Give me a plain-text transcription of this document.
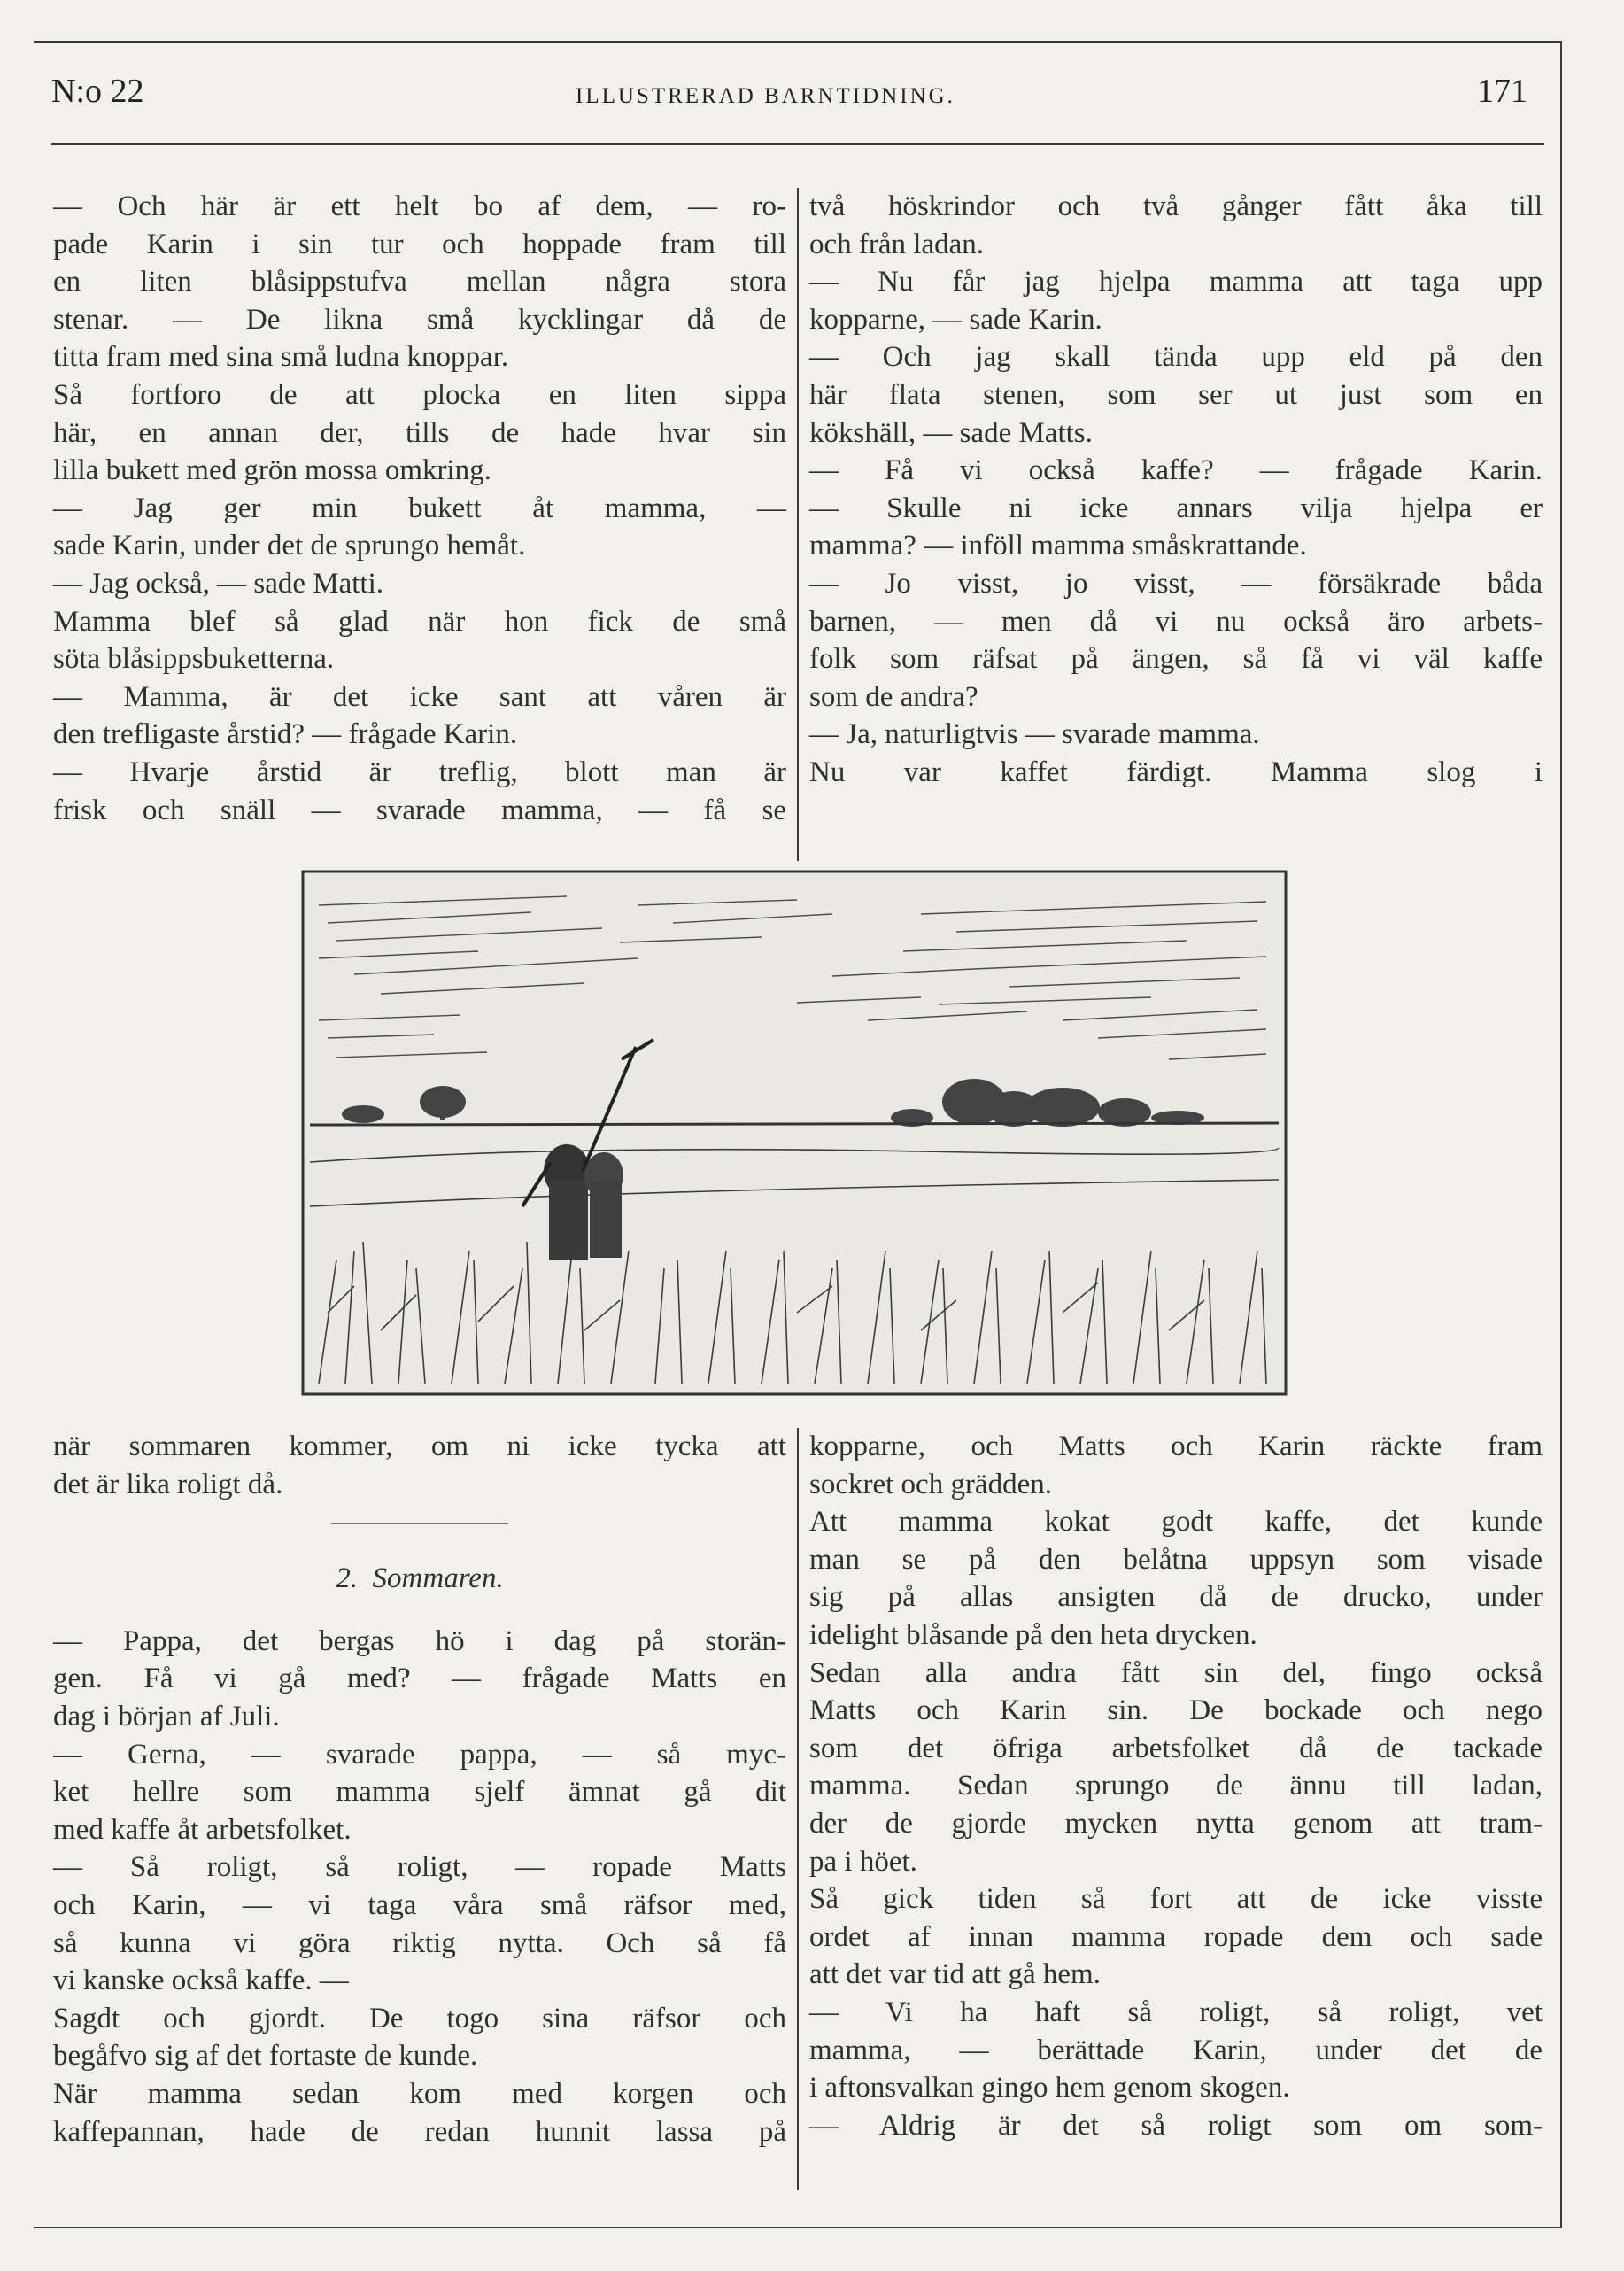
N:o 22	ILLUSTRERAD BARNTIDNING.	171

— Och här är ett helt bo af dem, — ro-

pade Karin i sin tur och hoppade fram till

en liten blåsippstufva mellan några stora

stenar. — De likna små kycklingar då de

titta fram med sina små ludna knoppar.

Så fortforo de att plocka en liten sippa

här, en annan der, tills de hade hvar sin

lilla bukett med grön mossa omkring.

— Jag ger min bukett åt mamma, —

sade Karin, under det de sprungo hemåt.

— Jag också, — sade Matti.

Mamma blef så glad när hon fick de små

söta blåsippsbuketterna.

— Mamma, är det icke sant att våren är

den trefligaste årstid? — frågade Karin.

— Hvarje årstid är treflig, blott man är

frisk och snäll — svarade mamma, — få se

två höskrindor och två gånger fått åka till

och från ladan.

— Nu får jag hjelpa mamma att taga upp

kopparne, — sade Karin.

— Och jag skall tända upp eld på den

här flata stenen, som ser ut just som en

kökshäll, — sade Matts.

— Få vi också kaffe? — frågade Karin.

— Skulle ni icke annars vilja hjelpa er

mamma? — inföll mamma småskrattande.

— Jo visst, jo visst, — försäkrade båda

barnen, — men då vi nu också äro arbets-

folk som räfsat på ängen, så få vi väl kaffe

som de andra?

— Ja, naturligtvis — svarade mamma.

Nu var kaffet färdigt. Mamma slog i

när sommaren kommer, om ni icke tycka att

det är lika roligt då.

2. Sommaren.

— Pappa, det bergas hö i dag på storän-

gen. Få vi gå med? — frågade Matts en

dag i början af Juli.

— Gerna, — svarade pappa, — så myc-

ket hellre som mamma sjelf ämnat gå dit

med kaffe åt arbetsfolket.

— Så roligt, så roligt, — ropade Matts

och Karin, — vi taga våra små räfsor med,

så kunna vi göra riktig nytta. Och så få

vi kanske också kaffe. —

Sagdt och gjordt. De togo sina räfsor och

begåfvo sig af det fortaste de kunde.

När mamma sedan kom med korgen och

kaffepannan, hade de redan hunnit lassa på

kopparne, och Matts och Karin räckte fram

sockret och grädden.

Att mamma kokat godt kaffe, det kunde

man se på den belåtna uppsyn som visade

sig på allas ansigten då de drucko, under

idelight blåsande på den heta drycken.

Sedan alla andra fått sin del, fingo också

Matts och Karin sin. De bockade och nego

som det öfriga arbetsfolket då de tackade

mamma. Sedan sprungo de ännu till ladan,

der de gjorde mycken nytta genom att tram-

pa i höet.

Så gick tiden så fort att de icke visste

ordet af innan mamma ropade dem och sade

att det var tid att gå hem.

— Vi ha haft så roligt, så roligt, vet

mamma, — berättade Karin, under det de

i aftonsvalkan gingo hem genom skogen.

— Aldrig är det så roligt som om som-
